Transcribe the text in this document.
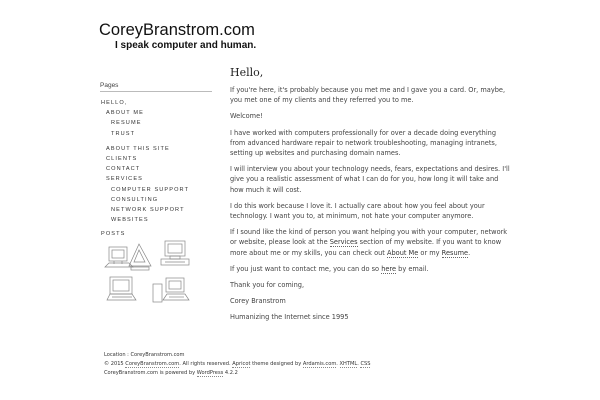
CoreyBranstrom.com
I speak computer and human.
Pages
HELLO,
ABOUT ME
RESUME
TRUST
ABOUT THIS SITE
CLIENTS
CONTACT
SERVICES
COMPUTER SUPPORT
CONSULTING
NETWORK SUPPORT
WEBSITES
POSTS
Hello,

If you're here, it's probably because you met me and I gave you a card. Or, maybe, you met one of my clients and they referred you to me.

Welcome!

I have worked with computers professionally for over a decade doing everything from advanced hardware repair to network troubleshooting, managing intranets, setting up websites and purchasing domain names.

I will interview you about your technology needs, fears, expectations and desires. I'll give you a realistic assessment of what I can do for you, how long it will take and how much it will cost.

I do this work because I love it. I actually care about how you feel about your technology. I want you to, at minimum, not hate your computer anymore.

If I sound like the kind of person you want helping you with your computer, network or website, please look at the Services section of my website. If you want to know more about me or my skills, you can check out About Me or my Resume.

If you just want to contact me, you can do so here by email.

Thank you for coming,

Corey Branstrom

Humanizing the Internet since 1995

Location : CoreyBranstrom.com

© 2015 CoreyBranstrom.com. All rights reserved. Apricot theme designed by Ardamis.com. XHTML. CSS

CoreyBranstrom.com is powered by WordPress 4.2.2
